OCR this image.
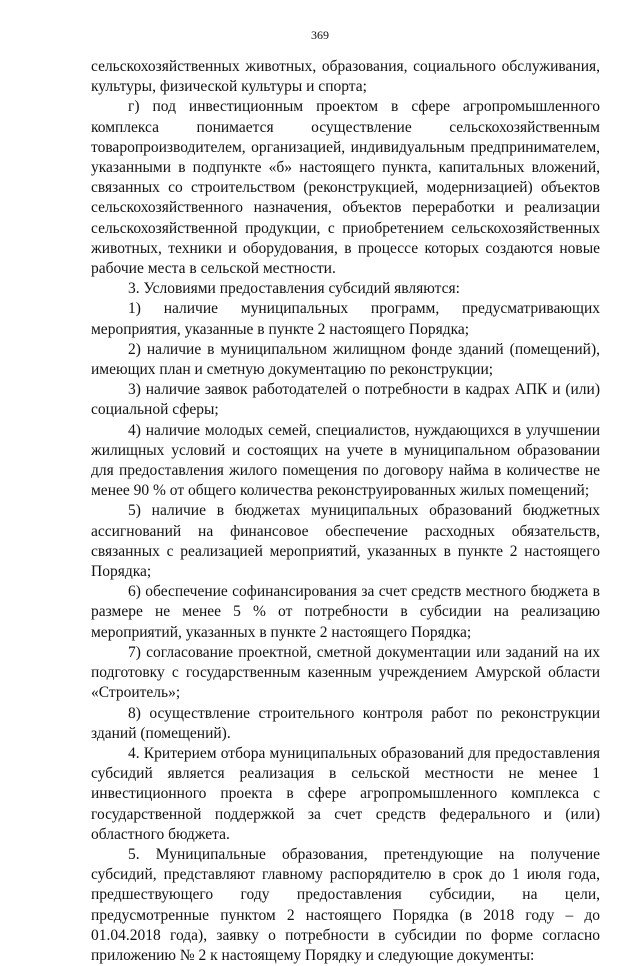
369

сельскохозяйственных животных, образования, социального обслуживания, культуры, физической культуры и спорта;

г) под инвестиционным проектом в сфере агропромышленного комплекса понимается осуществление сельскохозяйственным товаропроизводителем, организацией, индивидуальным предпринимателем, указанными в подпункте «б» настоящего пункта, капитальных вложений, связанных со строительством (реконструкцией, модернизацией) объектов сельскохозяйственного назначения, объектов переработки и реализации сельскохозяйственной продукции, с приобретением сельскохозяйственных животных, техники и оборудования, в процессе которых создаются новые рабочие места в сельской местности.

3. Условиями предоставления субсидий являются:

1) наличие муниципальных программ, предусматривающих мероприятия, указанные в пункте 2 настоящего Порядка;

2) наличие в муниципальном жилищном фонде зданий (помещений), имеющих план и сметную документацию по реконструкции;

3) наличие заявок работодателей о потребности в кадрах АПК и (или) социальной сферы;

4) наличие молодых семей, специалистов, нуждающихся в улучшении жилищных условий и состоящих на учете в муниципальном образовании для предоставления жилого помещения по договору найма в количестве не менее 90 % от общего количества реконструированных жилых помещений;

5) наличие в бюджетах муниципальных образований бюджетных ассигнований на финансовое обеспечение расходных обязательств, связанных с реализацией мероприятий, указанных в пункте 2 настоящего Порядка;

6) обеспечение софинансирования за счет средств местного бюджета в размере не менее 5 % от потребности в субсидии на реализацию мероприятий, указанных в пункте 2 настоящего Порядка;

7) согласование проектной, сметной документации или заданий на их подготовку с государственным казенным учреждением Амурской области «Строитель»;

8) осуществление строительного контроля работ по реконструкции зданий (помещений).

4. Критерием отбора муниципальных образований для предоставления субсидий является реализация в сельской местности не менее 1 инвестиционного проекта в сфере агропромышленного комплекса с государственной поддержкой за счет средств федерального и (или) областного бюджета.

5. Муниципальные образования, претендующие на получение субсидий, представляют главному распорядителю в срок до 1 июля года, предшествующего году предоставления субсидии, на цели, предусмотренные пунктом 2 настоящего Порядка (в 2018 году – до 01.04.2018 года), заявку о потребности в субсидии по форме согласно приложению № 2 к настоящему Порядку и следующие документы:
